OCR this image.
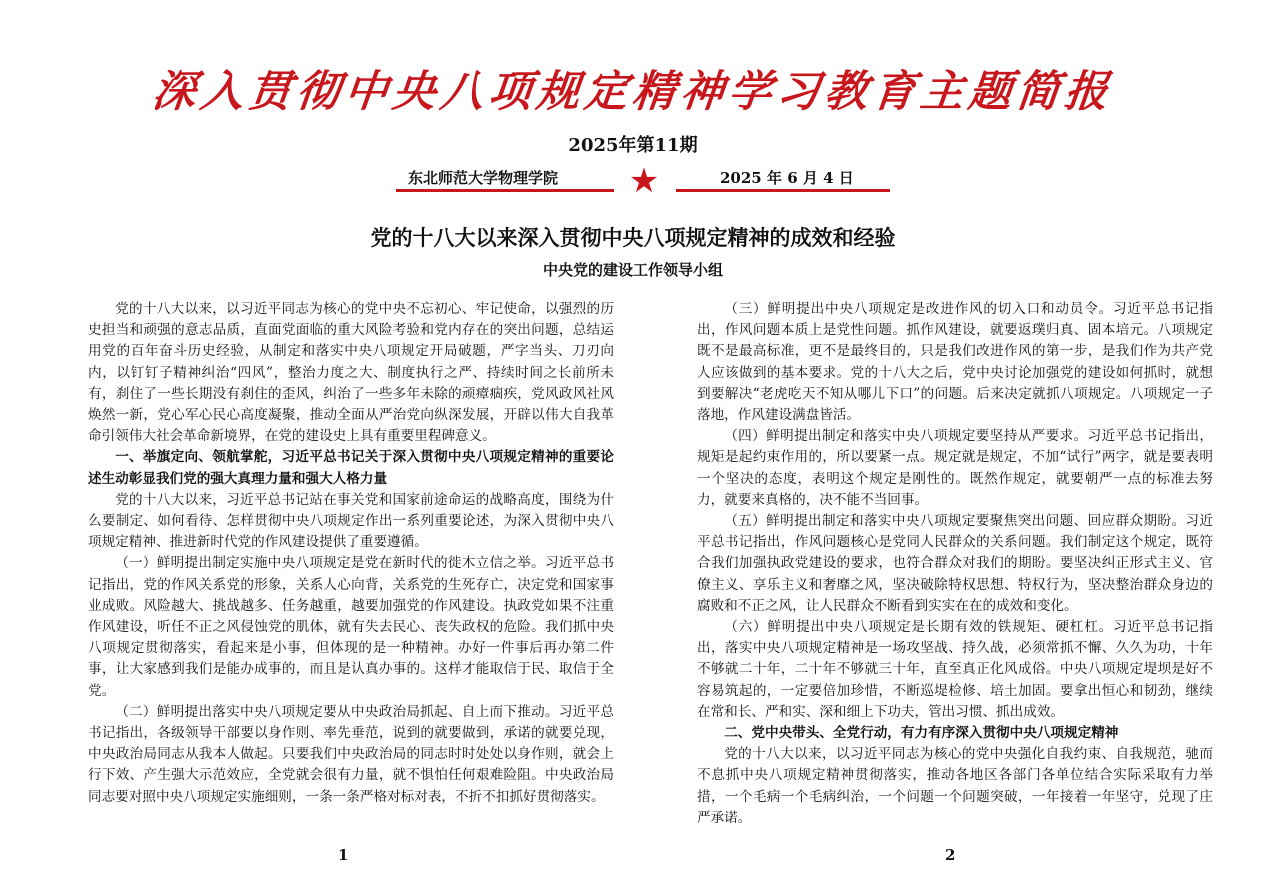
深入贯彻中央八项规定精神学习教育主题简报
2025年第11期
东北师范大学物理学院 ★	2025 年 6 月 4 日
党的十八大以来深入贯彻中央八项规定精神的成效和经验
中央党的建设工作领导小组

党的十八大以来，以习近平同志为核心的党中央不忘初心、牢记使命，以强烈的历史担当和顽强的意志品质，直面党面临的重大风险考验和党内存在的突出问题，总结运用党的百年奋斗历史经验，从制定和落实中央八项规定开局破题，严字当头、刀刃向内，以钉钉子精神纠治“四风”，整治力度之大、制度执行之严、持续时间之长前所未有，刹住了一些长期没有刹住的歪风，纠治了一些多年未除的顽瘴痼疾，党风政风社风焕然一新，党心军心民心高度凝聚，推动全面从严治党向纵深发展，开辟以伟大自我革命引领伟大社会革命新境界，在党的建设史上具有重要里程碑意义。

一、举旗定向、领航掌舵，习近平总书记关于深入贯彻中央八项规定精神的重要论述生动彰显我们党的强大真理力量和强大人格力量

党的十八大以来，习近平总书记站在事关党和国家前途命运的战略高度，围绕为什么要制定、如何看待、怎样贯彻中央八项规定作出一系列重要论述，为深入贯彻中央八项规定精神、推进新时代党的作风建设提供了重要遵循。

（一）鲜明提出制定实施中央八项规定是党在新时代的徙木立信之举。习近平总书记指出，党的作风关系党的形象，关系人心向背，关系党的生死存亡，决定党和国家事业成败。风险越大、挑战越多、任务越重，越要加强党的作风建设。执政党如果不注重作风建设，听任不正之风侵蚀党的肌体，就有失去民心、丧失政权的危险。我们抓中央八项规定贯彻落实，看起来是小事，但体现的是一种精神。办好一件事后再办第二件事，让大家感到我们是能办成事的，而且是认真办事的。这样才能取信于民、取信于全党。

（二）鲜明提出落实中央八项规定要从中央政治局抓起、自上而下推动。习近平总书记指出，各级领导干部要以身作则、率先垂范，说到的就要做到，承诺的就要兑现，中央政治局同志从我本人做起。只要我们中央政治局的同志时时处处以身作则，就会上行下效、产生强大示范效应，全党就会很有力量，就不惧怕任何艰难险阻。中央政治局同志要对照中央八项规定实施细则，一条一条严格对标对表，不折不扣抓好贯彻落实。

（三）鲜明提出中央八项规定是改进作风的切入口和动员令。习近平总书记指出，作风问题本质上是党性问题。抓作风建设，就要返璞归真、固本培元。八项规定既不是最高标准，更不是最终目的，只是我们改进作风的第一步，是我们作为共产党人应该做到的基本要求。党的十八大之后，党中央讨论加强党的建设如何抓时，就想到要解决“老虎吃天不知从哪儿下口”的问题。后来决定就抓八项规定。八项规定一子落地，作风建设满盘皆活。

（四）鲜明提出制定和落实中央八项规定要坚持从严要求。习近平总书记指出，规矩是起约束作用的，所以要紧一点。规定就是规定，不加“试行”两字，就是要表明一个坚决的态度，表明这个规定是刚性的。既然作规定，就要朝严一点的标准去努力，就要来真格的，决不能不当回事。

（五）鲜明提出制定和落实中央八项规定要聚焦突出问题、回应群众期盼。习近平总书记指出，作风问题核心是党同人民群众的关系问题。我们制定这个规定，既符合我们加强执政党建设的要求，也符合群众对我们的期盼。要坚决纠正形式主义、官僚主义、享乐主义和奢靡之风，坚决破除特权思想、特权行为，坚决整治群众身边的腐败和不正之风，让人民群众不断看到实实在在的成效和变化。

（六）鲜明提出中央八项规定是长期有效的铁规矩、硬杠杠。习近平总书记指出，落实中央八项规定精神是一场攻坚战、持久战，必须常抓不懈、久久为功，十年不够就二十年，二十年不够就三十年，直至真正化风成俗。中央八项规定堤坝是好不容易筑起的，一定要倍加珍惜，不断巡堤检修、培土加固。要拿出恒心和韧劲，继续在常和长、严和实、深和细上下功夫，管出习惯、抓出成效。

二、党中央带头、全党行动，有力有序深入贯彻中央八项规定精神

党的十八大以来，以习近平同志为核心的党中央强化自我约束、自我规范，驰而不息抓中央八项规定精神贯彻落实，推动各地区各部门各单位结合实际采取有力举措，一个毛病一个毛病纠治，一个问题一个问题突破，一年接着一年坚守，兑现了庄严承诺。

1	2
